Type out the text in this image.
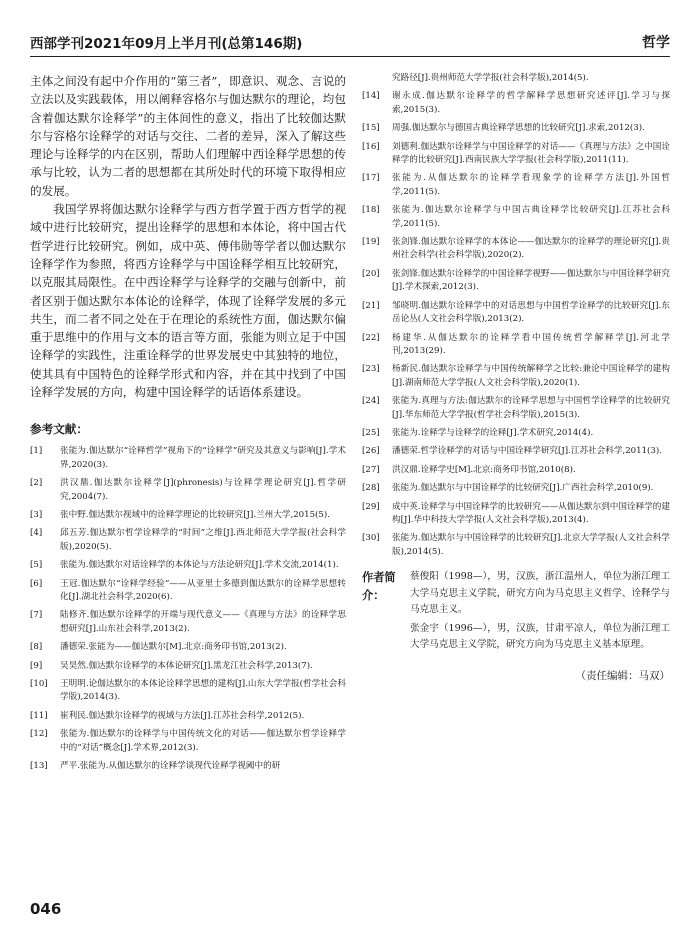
西部学刊2021年09月上半月刊(总第146期)	哲学

主体之间没有起中介作用的“第三者”，即意识、观念、言说的立法以及实践载体，用以阐释容格尔与伽达默尔的理论，均包含着伽达默尔诠释学”的主体间性的意义，指出了比较伽达默尔与容格尔诠释学的对话与交往、二者的差异，深入了解这些理论与诠释学的内在区别，帮助人们理解中西诠释学思想的传承与比较，认为二者的思想都在其所处时代的环境下取得相应的发展。

我国学界将伽达默尔诠释学与西方哲学置于西方哲学的视域中进行比较研究，提出诠释学的思想和本体论，将中国古代哲学进行比较研究。例如，成中英、傅伟勋等学者以伽达默尔诠释学作为参照，将西方诠释学与中国诠释学相互比较研究，以克服其局限性。在中西诠释学与诠释学的交融与创新中，前者区别于伽达默尔本体论的诠释学，体现了诠释学发展的多元共生，而二者不同之处在于在理论的系统性方面，伽达默尔偏重于思维中的作用与文本的语言等方面，张能为则立足于中国诠释学的实践性，注重诠释学的世界发展史中其独特的地位，使其具有中国特色的诠释学形式和内容，并在其中找到了中国诠释学发展的方向，构建中国诠释学的话语体系建设。

参考文献：
[1]	张能为.伽达默尔“诠释哲学”视角下的“诠释学”研究及其意义与影响[J].学术界,2020(3).
[2]	洪汉鼎.伽达默尔诠释学[J](phronesis)与诠释学理论研究[J].哲学研究,2004(7).
[3]	张中野.伽达默尔视域中的诠释学理论的比较研究[J].兰州大学,2015(5).
[4]	邱五芳.伽达默尔哲学诠释学的“时间”之维[J].西北师范大学学报(社会科学版),2020(5).
[5]	张能为.伽达默尔对话诠释学的本体论与方法论研究[J].学术交流,2014(1).
[6]	王冠.伽达默尔“诠释学经验”——从亚里士多德到伽达默尔的诠释学思想转化[J].湖北社会科学,2020(6).
[7]	陆修齐.伽达默尔诠释学的开端与现代意义——《真理与方法》的诠释学思想研究[J].山东社会科学,2013(2).
[8]	潘德荣.张能为——伽达默尔[M].北京:商务印书馆,2013(2).
[9]	吴昊然.伽达默尔诠释学的本体论研究[J].黑龙江社会科学,2013(7).
[10]	王明明.论伽达默尔的本体论诠释学思想的建构[J].山东大学学报(哲学社会科学版),2014(3).
[11]	崔利民.伽达默尔诠释学的视域与方法[J].江苏社会科学,2012(5).
[12]	张能为.伽达默尔的诠释学与中国传统文化的对话——伽达默尔哲学诠释学中的“对话”概念[J].学术界,2012(3).
[13]	严平.张能为.从伽达默尔的诠释学谈现代诠释学视阈中的研
究路径[J].贵州师范大学学报(社会科学版),2014(5).
[14]	谢永成.伽达默尔诠释学的哲学解释学思想研究述评[J].学习与探索,2015(3).
[15]	周强.伽达默尔与德国古典诠释学思想的比较研究[J].求索,2012(3).
[16]	刘德利.伽达默尔诠释学与中国诠释学的对话——《真理与方法》之中国诠释学的比较研究[J].西南民族大学学报(社会科学版),2011(11).
[17]	张能为.从伽达默尔的诠释学看现象学的诠释学方法[J].外国哲学,2011(5).
[18]	张能为.伽达默尔诠释学与中国古典诠释学比较研究[J].江苏社会科学,2011(5).
[19]	张剑锋.伽达默尔诠释学的本体论——伽达默尔的诠释学的理论研究[J].贵州社会科学(社会科学版),2020(2).
[20]	张剑锋.伽达默尔诠释学的中国诠释学视野——伽达默尔与中国诠释学研究[J].学术探索,2012(3).
[21]	邹晓明.伽达默尔诠释学中的对话思想与中国哲学诠释学的比较研究[J].东岳论丛(人文社会科学版),2013(2).
[22]	杨建华.从伽达默尔的诠释学看中国传统哲学解释学[J].河北学刊,2013(29).
[23]	杨新民.伽达默尔诠释学与中国传统解释学之比较:兼论中国诠释学的建构[J].湖南师范大学学报(人文社会科学版),2020(1).
[24]	张能为.真理与方法:伽达默尔的诠释学思想与中国哲学诠释学的比较研究[J].华东师范大学学报(哲学社会科学版),2015(3).
[25]	张能为.诠释学与诠释学的诠释[J].学术研究,2014(4).
[26]	潘德荣.哲学诠释学的对话与中国诠释学研究[J].江苏社会科学,2011(3).
[27]	洪汉鼎.诠释学史[M].北京:商务印书馆,2010(8).
[28]	张能为.伽达默尔与中国诠释学的比较研究[J].广西社会科学,2010(9).
[29]	成中英.诠释学与中国诠释学的比较研究——从伽达默尔到中国诠释学的建构[J].华中科技大学学报(人文社会科学版),2013(4).
[30]	张能为.伽达默尔与中国诠释学的比较研究[J].北京大学学报(人文社会科学版),2014(5).
作者简介：

蔡俊阳（1998—），男，汉族，浙江温州人，单位为浙江理工大学马克思主义学院，研究方向为马克思主义哲学、诠释学与马克思主义。

张金宇（1996—），男，汉族，甘肃平凉人，单位为浙江理工大学马克思主义学院，研究方向为马克思主义基本原理。

（责任编辑：马双）
046
